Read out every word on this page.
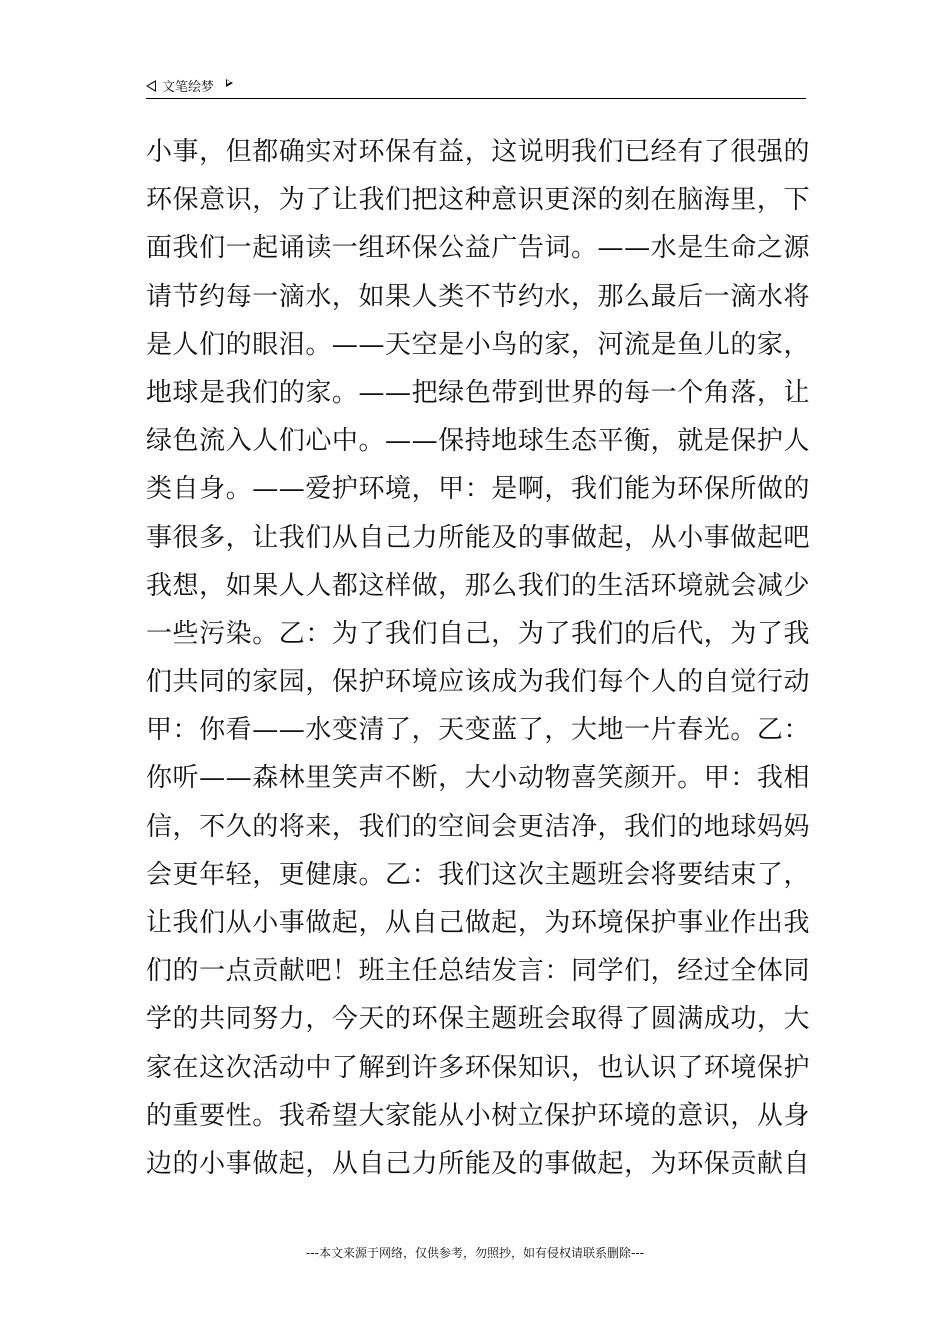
文笔绘梦
小事，但都确实对环保有益，这说明我们已经有了很强的
环保意识，为了让我们把这种意识更深的刻在脑海里，下
面我们一起诵读一组环保公益广告词。——水是生命之源
请节约每一滴水，如果人类不节约水，那么最后一滴水将
是人们的眼泪。——天空是小鸟的家，河流是鱼儿的家，
地球是我们的家。——把绿色带到世界的每一个角落，让
绿色流入人们心中。——保持地球生态平衡，就是保护人
类自身。——爱护环境，甲：是啊，我们能为环保所做的
事很多，让我们从自己力所能及的事做起，从小事做起吧
我想，如果人人都这样做，那么我们的生活环境就会减少
一些污染。乙：为了我们自己，为了我们的后代，为了我
们共同的家园，保护环境应该成为我们每个人的自觉行动
甲：你看——水变清了，天变蓝了，大地一片春光。乙：
你听——森林里笑声不断，大小动物喜笑颜开。甲：我相
信，不久的将来，我们的空间会更洁净，我们的地球妈妈
会更年轻，更健康。乙：我们这次主题班会将要结束了，
让我们从小事做起，从自己做起，为环境保护事业作出我
们的一点贡献吧！班主任总结发言：同学们，经过全体同
学的共同努力，今天的环保主题班会取得了圆满成功，大
家在这次活动中了解到许多环保知识，也认识了环境保护
的重要性。我希望大家能从小树立保护环境的意识，从身
边的小事做起，从自己力所能及的事做起，为环保贡献自
---本文来源于网络，仅供参考，勿照抄，如有侵权请联系删除---
